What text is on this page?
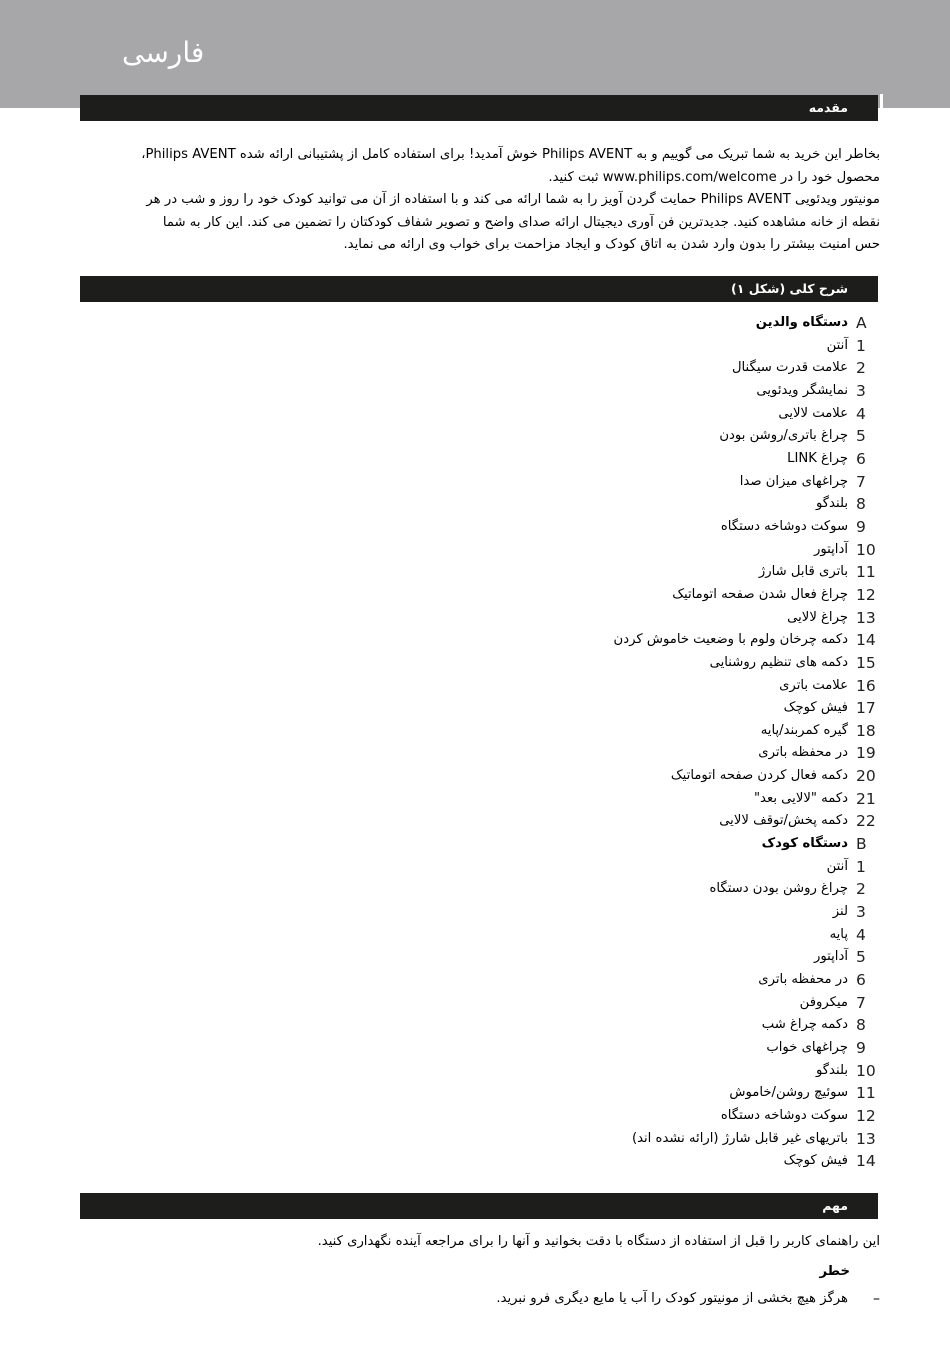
فارسی
مقدمه

بخاطر این خرید به شما تبریک می گوییم و به Philips AVENT خوش آمدید! برای استفاده کامل از پشتیبانی ارائه شده Philips AVENT،

محصول خود را در www.philips.com/welcome ثبت کنید.

مونیتور ویدئویی Philips AVENT حمایت گردن آویز را به شما ارائه می کند و با استفاده از آن می توانید کودک خود را روز و شب در هر

نقطه از خانه مشاهده کنید. جدیدترین فن آوری دیجیتال ارائه صدای واضح و تصویر شفاف کودکتان را تضمین می کند. این کار به شما

حس امنیت بیشتر را بدون وارد شدن به اتاق کودک و ایجاد مزاحمت برای خواب وی ارائه می نماید.

شرح کلی (شکل ۱)
A
دستگاه والدین
1
آنتن
2
علامت قدرت سیگنال
3
نمایشگر ویدئویی
4
علامت لالایی
5
چراغ باتری/روشن بودن
6
چراغ LINK
7
چراغهای میزان صدا
8
بلندگو
9
سوکت دوشاخه دستگاه
10
آداپتور
11
باتری قابل شارژ
12
چراغ فعال شدن صفحه اتوماتیک
13
چراغ لالایی
14
دکمه چرخان ولوم با وضعیت خاموش کردن
15
دکمه های تنظیم روشنایی
16
علامت باتری
17
فیش کوچک
18
گیره کمربند/پایه
19
در محفظه باتری
20
دکمه فعال کردن صفحه اتوماتیک
21
دکمه "لالایی بعد"
22
دکمه پخش/توقف لالایی
B
دستگاه کودک
1
آنتن
2
چراغ روشن بودن دستگاه
3
لنز
4
پایه
5
آداپتور
6
در محفظه باتری
7
میکروفن
8
دکمه چراغ شب
9
چراغهای خواب
10
بلندگو
11
سوئیچ روشن/خاموش
12
سوکت دوشاخه دستگاه
13
باتریهای غیر قابل شارژ (ارائه نشده اند)
14
فیش کوچک
مهم
این راهنمای کاربر را قبل از استفاده از دستگاه با دقت بخوانید و آنها را برای مراجعه آینده نگهداری کنید.
خطر
–
هرگز هیچ بخشی از مونیتور کودک را آب یا مایع دیگری فرو نبرید.
